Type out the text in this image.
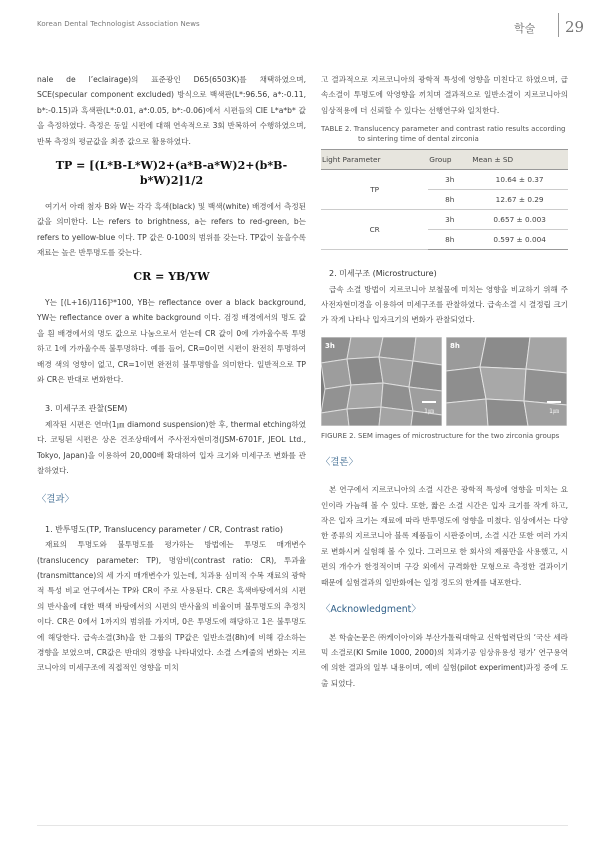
Korean Dental Technologist Association News	학술 29

nale de l’eclairage)의 표준광인 D65(6503K)를 채택하였으며, SCE(specular component excluded) 방식으로 백색판(L*:96.56, a*:-0.11, b*:-0.15)과 흑색판(L*:0.01, a*:0.05, b*:-0.06)에서 시편들의 CIE L*a*b* 값을 측정하였다. 측정은 동일 시편에 대해 연속적으로 3회 반복하여 수행하였으며, 반복 측정의 평균값을 최종 값으로 활용하였다.

TP = [(L*B-L*W)2+(a*B-a*W)2+(b*B-b*W)2]1/2

여기서 아래 첨자 B와 W는 각각 흑색(black) 및 백색(white) 배경에서 측정된 값을 의미한다. L는 refers to brightness, a는 refers to red-green, b는 refers to yellow-blue 이다. TP 값은 0-100의 범위를 갖는다. TP값이 높을수록 재료는 높은 반투명도를 갖는다.

CR = YB/YW

Y는 [(L+16)/116]³*100, YB는 reflectance over a black background, YW는 reflectance over a white background 이다. 검정 배경에서의 명도 값을 흰 배경에서의 명도 값으로 나눔으로서 얻는데 CR 값이 0에 가까울수록 투명하고 1에 가까울수록 불투명하다. 예를 들어, CR=0이면 시편이 완전히 투명하여 배경 색의 영향이 없고, CR=1이면 완전히 불투명함을 의미한다. 일반적으로 TP와 CR은 반대로 변화한다.

3. 미세구조 관찰(SEM)

제작된 시편은 연마(1㎛ diamond suspension)한 후, thermal etching하였다. 코팅된 시편은 상온 건조상태에서 주사전자현미경(JSM-6701F, JEOL Ltd., Tokyo, Japan)을 이용하여 20,000배 확대하여 입자 크기와 미세구조 변화를 관찰하였다.

〈결과〉
1. 반투명도(TP, Translucency parameter / CR, Contrast ratio)

재료의 투명도와 불투명도를 평가하는 방법에는 투명도 매개변수(translucency parameter: TP), 명암비(contrast ratio: CR), 투과율(transmittance)의 세 가지 매개변수가 있는데, 치과용 심미적 수복 재료의 광학적 특성 비교 연구에서는 TP와 CR이 주로 사용된다. CR은 흑색바탕에서의 시편의 반사율에 대한 백색 바탕에서의 시편의 반사율의 비율이며 불투명도의 추정치이다. CR은 0에서 1까지의 범위를 가지며, 0은 투명도에 해당하고 1은 불투명도에 해당한다. 급속소결(3h)을 한 그룹의 TP값은 일반소결(8h)에 비해 감소하는 경향을 보였으며, CR값은 반대의 경향을 나타내었다. 소결 스케줄의 변화는 지르코니아의 미세구조에 직접적인 영향을 미치

고 결과적으로 지르코니아의 광학적 특성에 영향을 미친다고 하였으며, 급속소결이 투명도에 악영향을 끼치며 결과적으로 일반소결이 지르코니아의 임상적용에 더 신뢰할 수 있다는 선행연구와 일치한다.

TABLE 2. Translucency parameter and contrast ratio results according
to sintering time of dental zirconia
Light Parameter	Group	Mean ± SD
TP	3h	10.64 ± 0.37
	8h	12.67 ± 0.29
CR	3h	0.657 ± 0.003
	8h	0.597 ± 0.004
2. 미세구조 (Microstructure)

급속 소결 방법이 지르코니아 보철물에 미치는 영향을 비교하기 위해 주사전자현미경을 이용하여 미세구조를 관찰하였다. 급속소결 시 결정립 크기가 작게 나타나 입자크기의 변화가 관찰되었다.

3h
1㎛
8h
1㎛
FIGURE 2. SEM images of microstructure for the two zirconia groups
〈결론〉

본 연구에서 지르코니아의 소결 시간은 광학적 특성에 영향을 미치는 요인이라 가늠해 볼 수 있다. 또한, 짧은 소결 시간은 입자 크기를 작게 하고, 작은 입자 크기는 재료에 따라 반투명도에 영향을 미쳤다. 임상에서는 다양한 종류의 지르코니아 블록 제품들이 시판중이며, 소결 시간 또한 여러 가지로 변화시켜 실험해 볼 수 있다. 그러므로 한 회사의 제품만을 사용했고, 시편의 개수가 한정적이며 구강 외에서 규격화한 모형으로 측정한 결과이기 때문에 실험결과의 일반화에는 일정 정도의 한계를 내포한다.

〈Acknowledgment〉

본 학술논문은 ㈜케이아이와 부산가톨릭대학교 신학협력단의 ‘국산 세라믹 소결로(KI Smile 1000, 2000)의 치과기공 임상유용성 평가’ 연구용역에 의한 결과의 일부 내용이며, 예비 실험(pilot experiment)과정 중에 도출 되었다.
